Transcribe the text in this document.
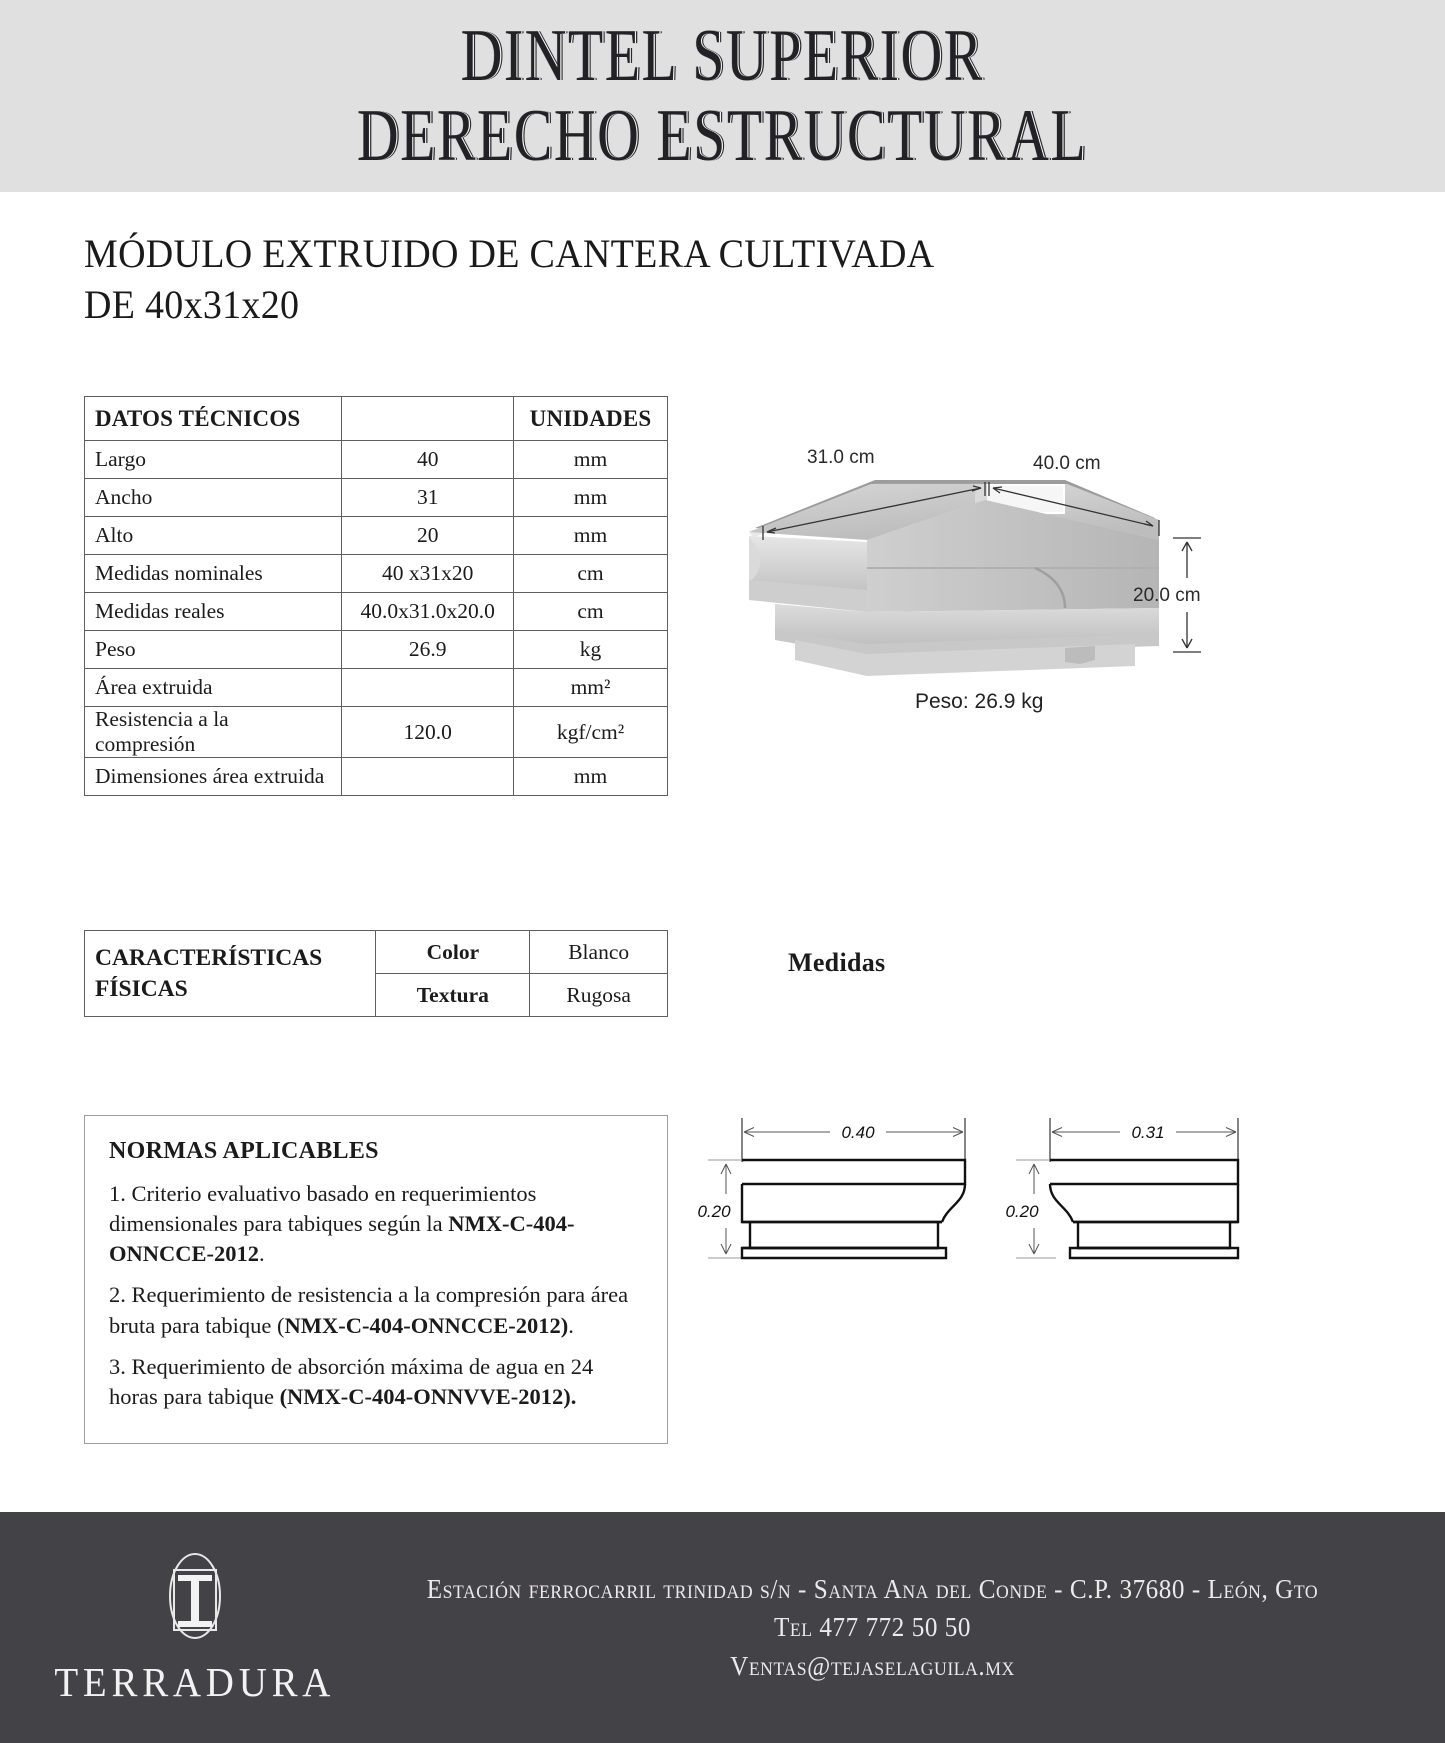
DINTEL SUPERIOR
DERECHO ESTRUCTURAL
MÓDULO EXTRUIDO DE CANTERA CULTIVADA
DE 40x31x20
DATOS TÉCNICOS		UNIDADES
Largo	40	mm
Ancho	31	mm
Alto	20	mm
Medidas nominales	40 x31x20	cm
Medidas reales	40.0x31.0x20.0	cm
Peso	26.9	kg
Área extruida		mm²
Resistencia a la compresión	120.0	kgf/cm²
Dimensiones área extruida		mm
CARACTERÍSTICAS FÍSICAS	Color	Blanco
	Textura	Rugosa
NORMAS APLICABLES
1. Criterio evaluativo basado en requerimientos dimensionales para tabiques según la NMX-C-404-ONNCCE-2012.
2. Requerimiento de resistencia a la compresión para área bruta para tabique (NMX-C-404-ONNCCE-2012).
3. Requerimiento de absorción máxima de agua en 24 horas para tabique (NMX-C-404-ONNVVE-2012).
31.0 cm	40.0 cm
20.0 cm
Peso: 26.9 kg
Medidas
0.40
0.20
0.31
0.20
TERRADURA
Estación ferrocarril trinidad s/n - Santa Ana del Conde - C.P. 37680 - León, Gto
Tel 477 772 50 50
Ventas@tejaselaguila.mx
